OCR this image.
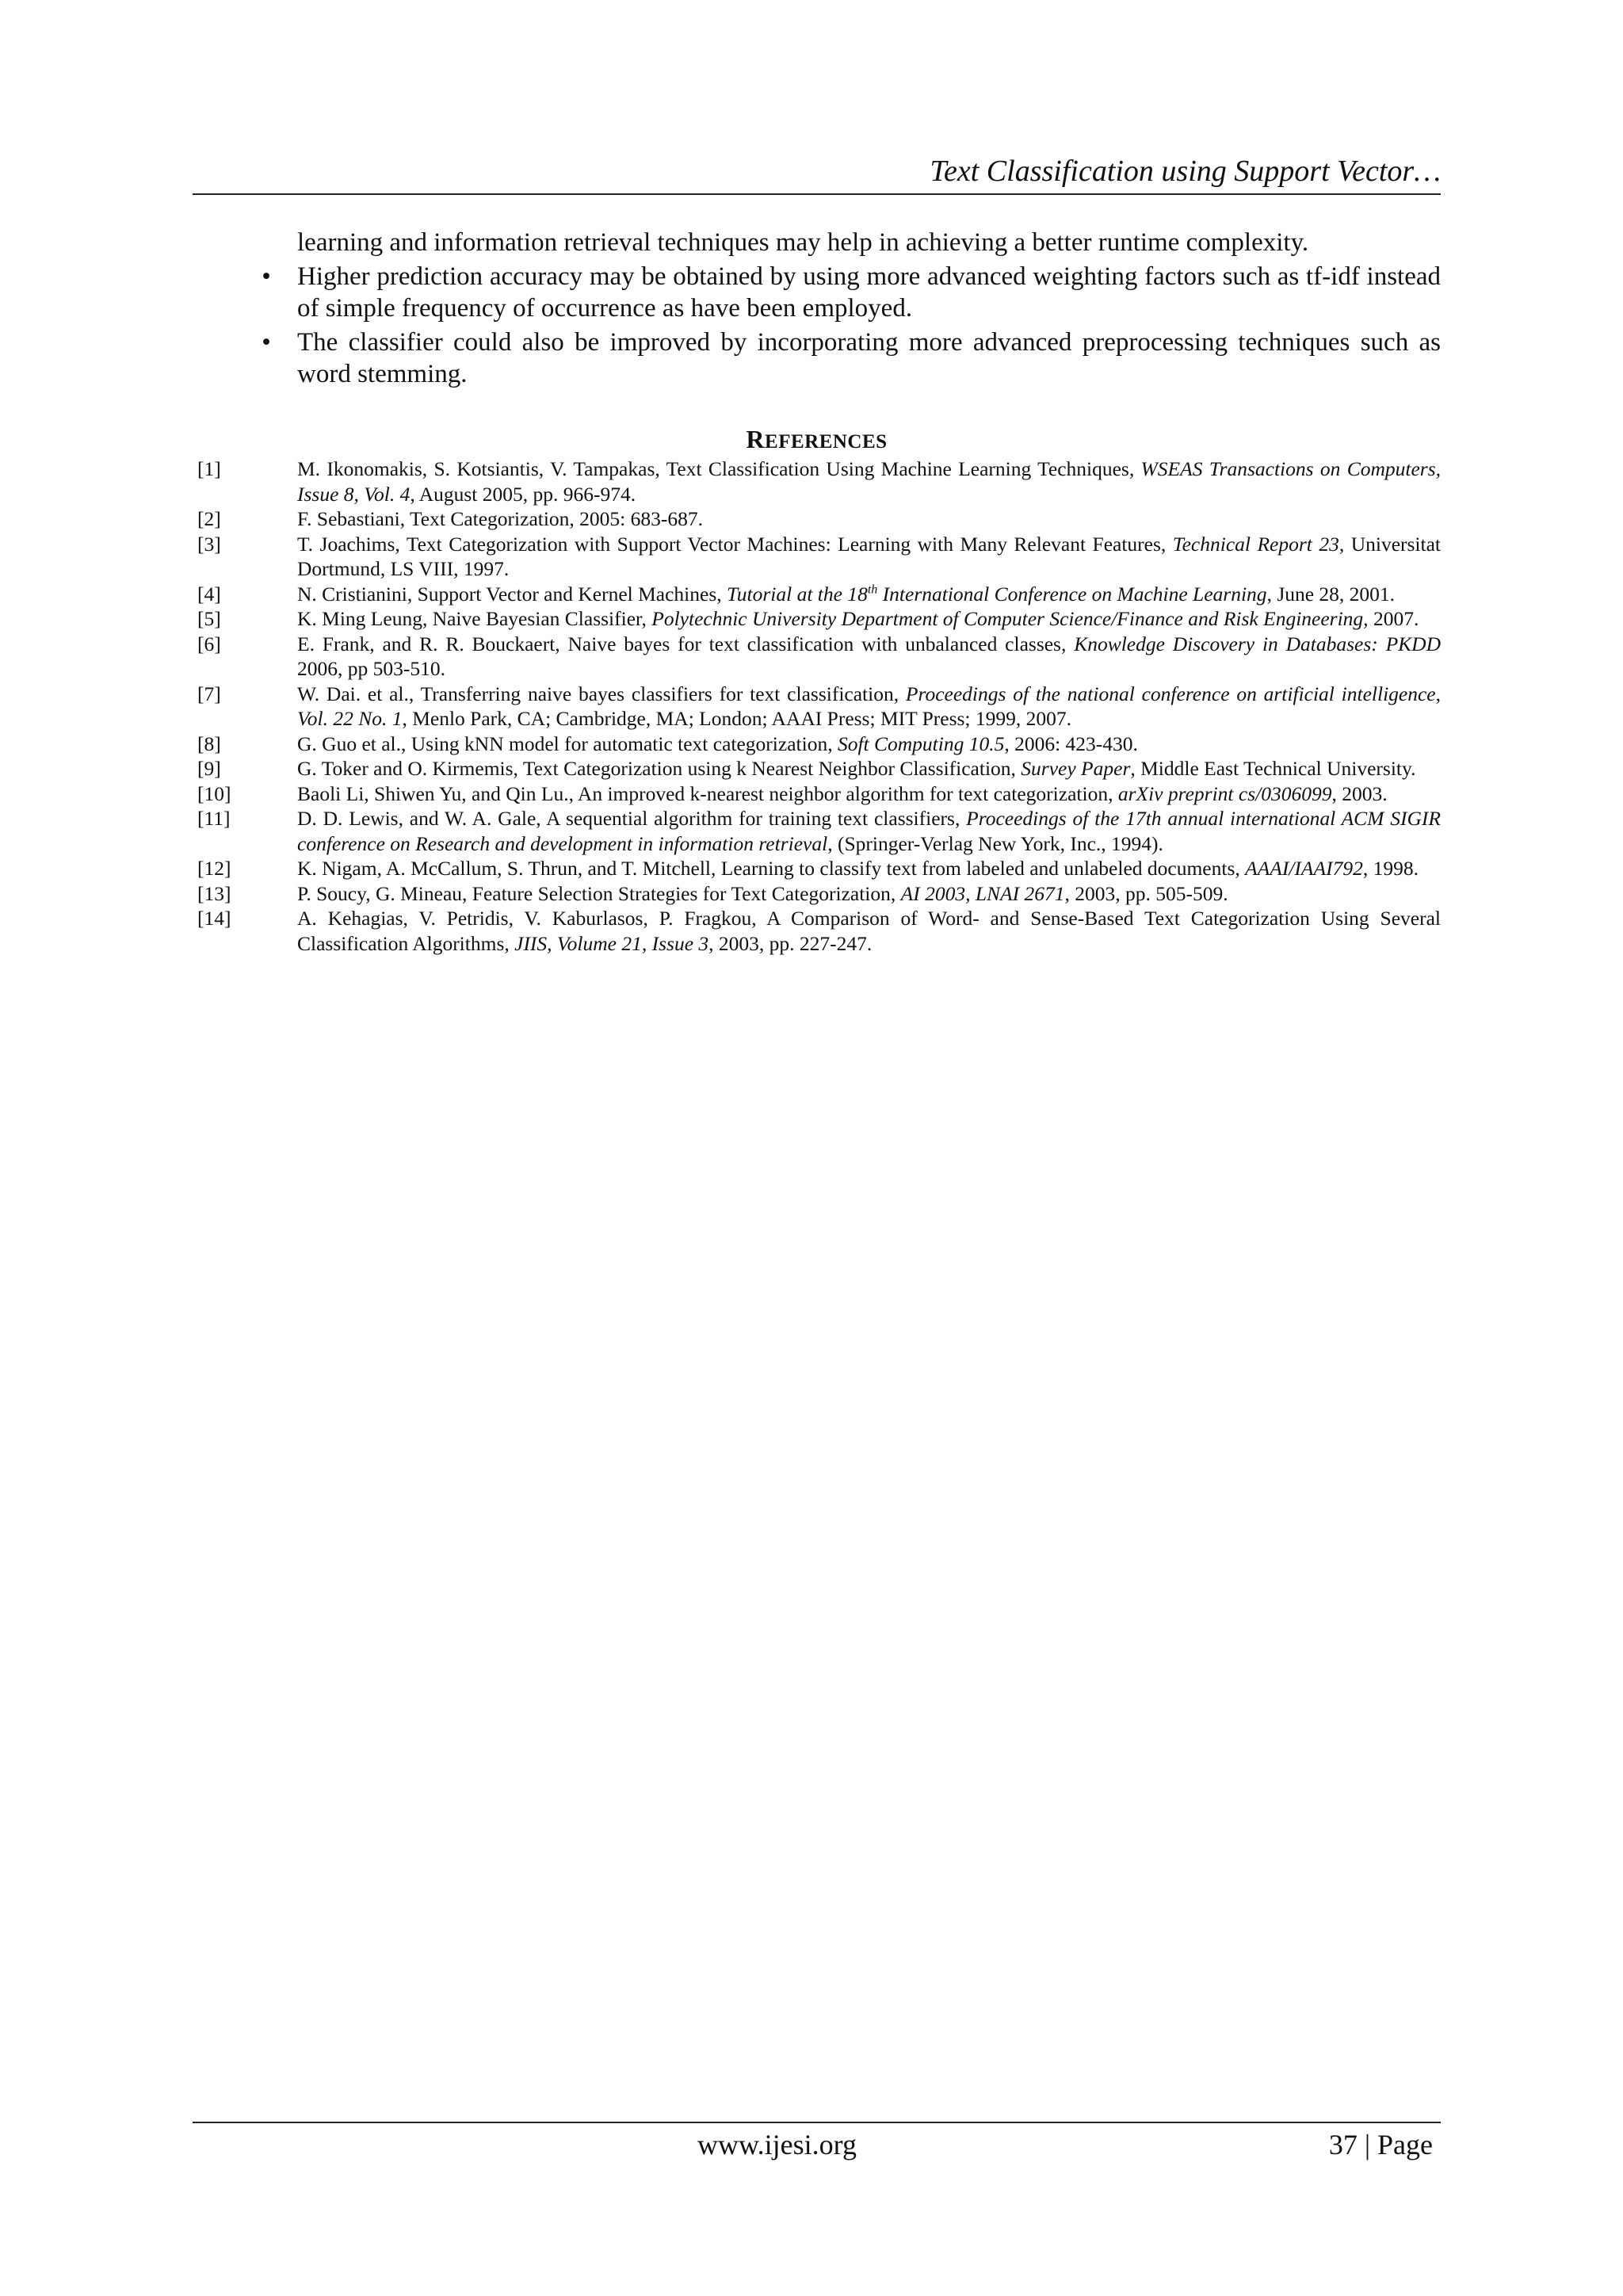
Text Classification using Support Vector…
learning and information retrieval techniques may help in achieving a better runtime complexity.
•	Higher prediction accuracy may be obtained by using more advanced weighting factors such as tf-idf instead of simple frequency of occurrence as have been employed.
•	The classifier could also be improved by incorporating more advanced preprocessing techniques such as word stemming.
REFERENCES
[1]	M. Ikonomakis, S. Kotsiantis, V. Tampakas, Text Classification Using Machine Learning Techniques, WSEAS Transactions on Computers, Issue 8, Vol. 4, August 2005, pp. 966-974.
[2]	F. Sebastiani, Text Categorization, 2005: 683-687.
[3]	T. Joachims, Text Categorization with Support Vector Machines: Learning with Many Relevant Features, Technical Report 23, Universitat Dortmund, LS VIII, 1997.
[4]	N. Cristianini, Support Vector and Kernel Machines, Tutorial at the 18th International Conference on Machine Learning, June 28, 2001.
[5]	K. Ming Leung, Naive Bayesian Classifier, Polytechnic University Department of Computer Science/Finance and Risk Engineering, 2007.
[6]	E. Frank, and R. R. Bouckaert, Naive bayes for text classification with unbalanced classes, Knowledge Discovery in Databases: PKDD 2006, pp 503-510.
[7]	W. Dai. et al., Transferring naive bayes classifiers for text classification, Proceedings of the national conference on artificial intelligence, Vol. 22 No. 1, Menlo Park, CA; Cambridge, MA; London; AAAI Press; MIT Press; 1999, 2007.
[8]	G. Guo et al., Using kNN model for automatic text categorization, Soft Computing 10.5, 2006: 423-430.
[9]	G. Toker and O. Kirmemis, Text Categorization using k Nearest Neighbor Classification, Survey Paper, Middle East Technical University.
[10]	Baoli Li, Shiwen Yu, and Qin Lu., An improved k-nearest neighbor algorithm for text categorization, arXiv preprint cs/0306099, 2003.
[11]	D. D. Lewis, and W. A. Gale, A sequential algorithm for training text classifiers, Proceedings of the 17th annual international ACM SIGIR conference on Research and development in information retrieval, (Springer-Verlag New York, Inc., 1994).
[12]	K. Nigam, A. McCallum, S. Thrun, and T. Mitchell, Learning to classify text from labeled and unlabeled documents, AAAI/IAAI792, 1998.
[13]	P. Soucy, G. Mineau, Feature Selection Strategies for Text Categorization, AI 2003, LNAI 2671, 2003, pp. 505-509.
[14]	A. Kehagias, V. Petridis, V. Kaburlasos, P. Fragkou, A Comparison of Word- and Sense-Based Text Categorization Using Several Classification Algorithms, JIIS, Volume 21, Issue 3, 2003, pp. 227-247.
www.ijesi.org	37 | Page
